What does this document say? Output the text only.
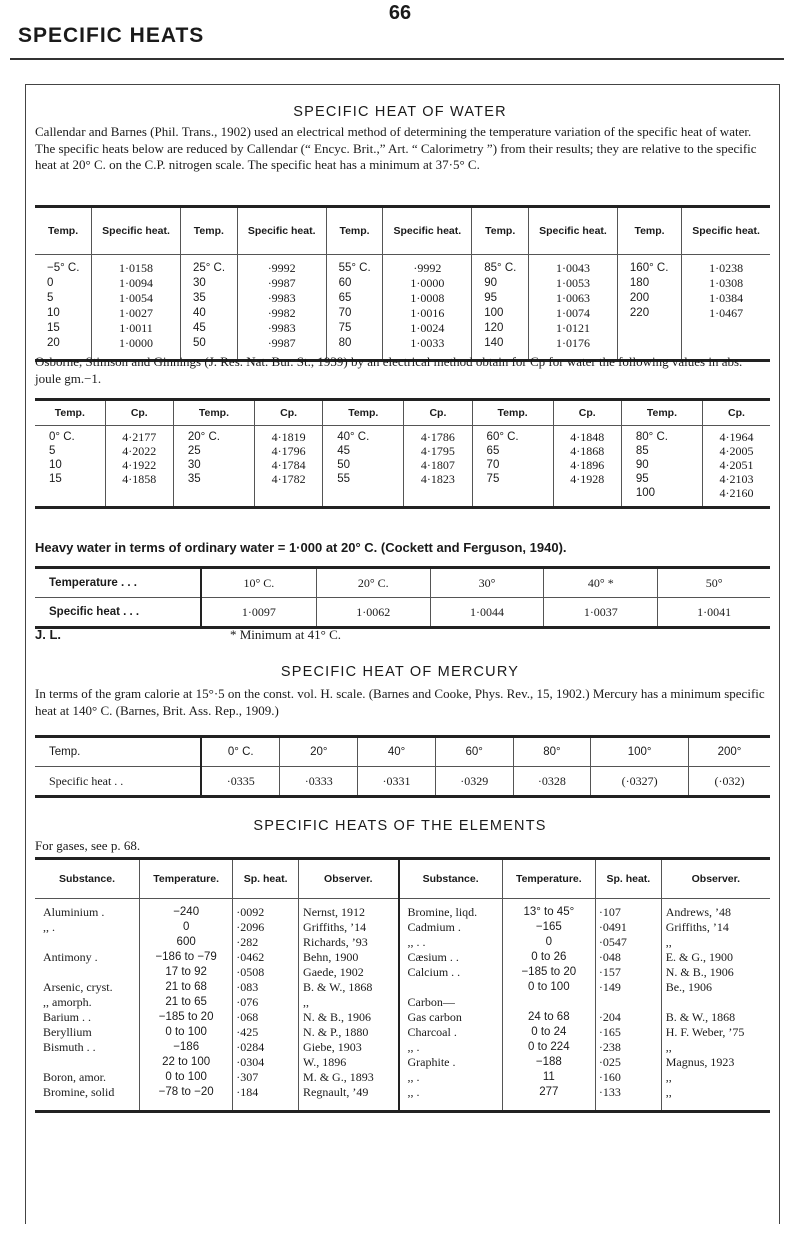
66
SPECIFIC HEATS
SPECIFIC HEAT OF WATER

Callendar and Barnes (Phil. Trans., 1902) used an electrical method of determining the temperature variation of the specific heat of water. The specific heats below are reduced by Callendar (“ Encyc. Brit.,” Art. “ Calorimetry ”) from their results; they are relative to the specific heat at 20° C. on the C.P. nitrogen scale. The specific heat has a minimum at 37·5° C.

Temp.	Specific heat.	Temp.	Specific heat.	Temp.	Specific heat.	Temp.	Specific heat.	Temp.	Specific heat.
−5° C.	1·0158	25° C.	·9992	55° C.	·9992	85° C.	1·0043	160° C.	1·0238
0	1·0094	30	·9987	60	1·0000	90	1·0053	180	1·0308
5	1·0054	35	·9983	65	1·0008	95	1·0063	200	1·0384
10	1·0027	40	·9982	70	1·0016	100	1·0074	220	1·0467
15	1·0011	45	·9983	75	1·0024	120	1·0121		
20	1·0000	50	·9987	80	1·0033	140	1·0176		

Osborne, Stimson and Ginnings (J. Res. Nat. Bur. St., 1939) by an electrical method obtain for Cp for water the following values in abs. joule gm.−1.

Temp.	Cp.	Temp.	Cp.	Temp.	Cp.	Temp.	Cp.	Temp.	Cp.
0° C.	4·2177	20° C.	4·1819	40° C.	4·1786	60° C.	4·1848	80° C.	4·1964
5	4·2022	25	4·1796	45	4·1795	65	4·1868	85	4·2005
10	4·1922	30	4·1784	50	4·1807	70	4·1896	90	4·2051
15	4·1858	35	4·1782	55	4·1823	75	4·1928	95	4·2103
								100	4·2160

Heavy water in terms of ordinary water = 1·000 at 20° C. (Cockett and Ferguson, 1940).

Temperature . . .	10° C.	20° C.	30°	40° *	50°
Specific heat . . .	1·0097	1·0062	1·0044	1·0037	1·0041
J. L.	* Minimum at 41° C.
SPECIFIC HEAT OF MERCURY

In terms of the gram calorie at 15°·5 on the const. vol. H. scale. (Barnes and Cooke, Phys. Rev., 15, 1902.) Mercury has a minimum specific heat at 140° C. (Barnes, Brit. Ass. Rep., 1909.)

Temp.	0° C.	20°	40°	60°	80°	100°	200°
Specific heat . .	·0335	·0333	·0331	·0329	·0328	(·0327)	(·032)
SPECIFIC HEATS OF THE ELEMENTS

For gases, see p. 68.

Substance.	Temperature.	Sp. heat.	Observer.	Substance.	Temperature.	Sp. heat.	Observer.
Aluminium .	−240	·0092	Nernst, 1912	Bromine, liqd.	13° to 45°	·107	Andrews, ’48
,, .	0	·2096	Griffiths, ’14	Cadmium .	−165	·0491	Griffiths, ’14
	600	·282	Richards, ’93	,, . .	0	·0547	,,
Antimony .	−186 to −79	·0462	Behn, 1900	Cæsium . .	0 to 26	·048	E. & G., 1900
	17 to 92	·0508	Gaede, 1902	Calcium . .	−185 to 20	·157	N. & B., 1906
Arsenic, cryst.	21 to 68	·083	B. & W., 1868		0 to 100	·149	Be., 1906
,, amorph.	21 to 65	·076	,,	Carbon—			
Barium . .	−185 to 20	·068	N. & B., 1906	Gas carbon	24 to 68	·204	B. & W., 1868
Beryllium	0 to 100	·425	N. & P., 1880	Charcoal .	0 to 24	·165	H. F. Weber, ’75
Bismuth . .	−186	·0284	Giebe, 1903	,, .	0 to 224	·238	,,
	22 to 100	·0304	W., 1896	Graphite .	−188	·025	Magnus, 1923
Boron, amor.	0 to 100	·307	M. & G., 1893	,, .	11	·160	,,
Bromine, solid	−78 to −20	·184	Regnault, ’49	,, .	277	·133	,,
